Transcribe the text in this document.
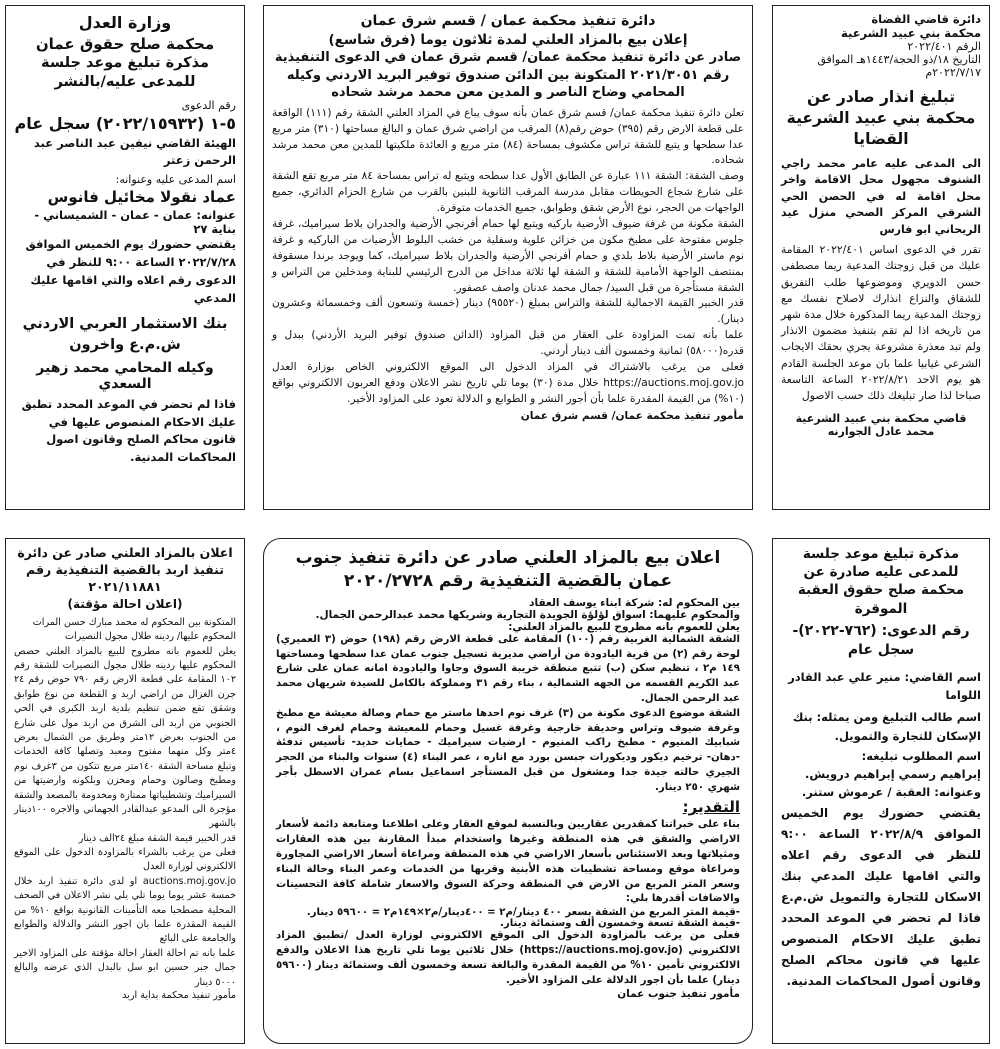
دائرة قاضي القضاة
محكمة بني عبيد الشرعية
الرقم ٢٠٢٢/٤٠١
التاريخ ١٨/ذو الحجة/١٤٤٣هـ الموافق ٢٠٢٢/٧/١٧م
تبليغ انذار صادر عن محكمة بني عبيد الشرعية القضايا
الى المدعى عليه عامر محمد راجي الشنوف مجهول محل الاقامة واخر محل اقامة له في الحصن الحي الشرقي المركز الصحي منزل عيد الريحاني ابو فارس
تقرر في الدعوى اساس ٢٠٢٢/٤٠١ المقامة عليك من قبل زوجتك المدعية ريما مصطفى حسن الدويري وموضوعها طلب التفريق للشقاق والنزاع انذارك لاصلاح نفسك مع زوجتك المدعية ريما المذكورة خلال مدة شهر من تاريخه اذا لم تقم بتنفيذ مضمون الانذار ولم تبد معذرة مشروعة يجري بحقك الايجاب الشرعي غيابيا علما بان موعد الجلسة القادم هو يوم الاحد ٢٠٢٢/٨/٢١ الساعة التاسعة صباحا لذا صار تبليغك ذلك حسب الاصول
قاضي محكمة بني عبيد الشرعية
محمد عادل الجوارنه
دائرة تنفيذ محكمة عمان / قسم شرق عمان
إعلان بيع بالمزاد العلني لمدة ثلاثون يوما (فرق شاسع)
صادر عن دائرة تنفيذ محكمة عمان/ قسم شرق عمان في الدعوى التنفيذية رقم ٢٠٢١/٣٠٥١ المتكونة بين الدائن صندوق توفير البريد الاردني وكيله المحامي وضاح الناصر و المدين معن محمد مرشد شحاده
تعلن دائرة تنفيذ محكمة عمان/ قسم شرق عمان بأنه سوف يباع في المزاد العلني الشقة رقم (١١١) الواقعة على قطعة الارض رقم (٣٩٥) حوض رقم(٨) المرقب من اراضي شرق عمان و البالغ مساحتها (٣١٠) متر مربع عدا سطحها و يتبع للشقة تراس مكشوف بمساحة (٨٤) متر مربع و العائدة ملكيتها للمدين معن محمد مرشد شحاده.
وصف الشقة: الشقة ١١١ عبارة عن الطابق الأول عدا سطحه ويتبع له تراس بمساحة ٨٤ متر مربع تقع الشقة على شارع شجاع الحويطات مقابل مدرسة المرقب الثانوية للبنين بالقرب من شارع الحزام الدائري، جميع الواجهات من الحجر، نوع الأرض شقق وطوابق، جميع الخدمات متوفرة.
الشقة مكونة من غرفة ضيوف الأرضية باركيه ويتبع لها حمام أفرنجي الأرضية والجدران بلاط سيراميك، غرفة جلوس مفتوحة على مطبخ مكون من خزائن علوية وسفلية من خشب البلوط الأرضيات من الباركيه و غرفة نوم ماستر الأرضية بلاط بلدي و حمام أفرنجي الأرضية والجدران بلاط سيراميك، كما ويوجد برندا مسقوفة بمنتصف الواجهة الأمامية للشقة و الشقة لها ثلاثة مداخل من الدرج الرئيسي للبناية ومدخلين من التراس و الشقة مستأجرة من قبل السيد/ جمال محمد عدنان واصف عصفور.
قدر الخبير القيمة الاجمالية للشقة والتراس بمبلغ (٩٥٥٢٠) دينار (خمسة وتسعون ألف وخمسمائة وعشرون دينار).
علما بأنه تمت المزاودة على العقار من قبل المزاود (الدائن صندوق توفير البريد الأردني) ببدل و قدره(٥٨٠٠٠) ثمانية وخمسون ألف دينار أردني.
فعلى من يرغب بالاشتراك في المزاد الدخول الى الموقع الالكتروني الخاص بوزارة العدل https://auctions.moj.gov.jo خلال مدة (٣٠) يوما تلي تاريخ نشر الاعلان ودفع العربون الالكتروني بواقع (١٠%) من القيمة المقدرة علما بأن أجور النشر و الطوابع و الدلالة تعود على المزاود الأخير.
مأمور تنفيذ محكمة عمان/ قسم شرق عمان
وزارة العدل
محكمة صلح حقوق عمان
مذكرة تبليغ موعد جلسة للمدعى عليه/بالنشر
رقم الدعوى
٥-١ (٢٠٢٢/١٥٩٣٢) سجل عام
الهيئة القاضي نيفين عبد الناصر عبد الرحمن زعتر
اسم المدعى عليه وعنوانه:
عماد نقولا مخائيل فانوس
عنوانه: عمان - عمان - الشميساني - بناية ٢٧
يقتضي حضورك يوم الخميس الموافق ٢٠٢٢/٧/٢٨ الساعة ٩:٠٠ للنظر في الدعوى رقم اعلاه والتي اقامها عليك المدعي
بنك الاستثمار العربي الاردني ش.م.ع واخرون
وكيله المحامي محمد زهير السعدي
فاذا لم تحضر في الموعد المحدد تطبق عليك الاحكام المنصوص عليها في قانون محاكم الصلح وقانون اصول المحاكمات المدنية.
مذكرة تبليغ موعد جلسة للمدعى عليه صادرة عن محكمة صلح حقوق العقبة الموقرة
رقم الدعوى: (٧٦٢-٢٠٢٢)-سجل عام
اسم القاضي: منير علي عبد القادر اللواما
اسم طالب التبليغ ومن يمثله: بنك الإسكان للتجارة والتمويل.
اسم المطلوب تبليغه:
إبراهيم رسمي إبراهيم درويش.
وعنوانه: العقبة / عرموش ستنر.
يقتضي حضورك يوم الخميس الموافق ٢٠٢٢/٨/٩ الساعة ٩:٠٠ للنظر في الدعوى رقم اعلاه والتي اقامها عليك المدعي بنك الاسكان للتجارة والتمويل ش.م.ع فاذا لم تحضر في الموعد المحدد تطبق عليك الاحكام المنصوص عليها في قانون محاكم الصلح وقانون أصول المحاكمات المدنية.
اعلان بيع بالمزاد العلني صادر عن دائرة تنفيذ جنوب عمان بالقضية التنفيذية رقم ٢٠٢٠/٢٧٢٨
بين المحكوم له: شركة ابناء يوسف العقاد
والمحكوم عليهما: اسواق لؤلؤة الجويدة التجارية وشريكها محمد عبدالرحمن الجمال.
يعلن للعموم بانه مطروح للبيع بالمزاد العلني:
الشقة الشمالية الغربية رقم (١٠٠) المقامة على قطعة الارض رقم (١٩٨) حوض (٣ العميري) لوحة رقم (٢) من قرية اليادودة من أراضي مديرية تسجيل جنوب عمان عدا سطحها ومساحتها ١٤٩ م٢ ، تنظيم سكن (ب) تتبع منطقة خريبة السوق وجاوا واليادودة امانه عمان على شارع عبد الكريم القسمه من الجهه الشمالية ، بناء رقم ٣١ ومملوكة بالكامل للسيدة شريهان محمد عبد الرحمن الجمال.
الشقة موضوع الدعوى مكونة من (٣) غرف نوم احدها ماستر مع حمام وصالة معيشة مع مطبخ وغرفة ضيوف وتراس وحديقة خارجية وغرفة غسيل وحمام للمعيشة وحمام لغرف النوم ، شبابيك المنيوم - مطبخ راكب المنيوم - ارضيات سيراميك - حمايات حديد- تأسيس تدفئة -دهان- ترخيم ديكور وديكورات جبسن بورد مع اناره ، عمر البناء (٤) سنوات والبناء من الحجر الجيري حالته جيدة جدا ومشغول من قبل المستأجر اسماعيل بسام عمران الاسطل بأجر شهري ٢٥٠ دينار.
التقدير:
بناء على خبراتنا كمقدرين عقاريين وبالنسبة لموقع العقار وعلى اطلاعنا ومتابعة دائمة لأسعار الاراضي والشقق في هذه المنطقة وغيرها واستخدام مبدأ المقارنة بين هذه العقارات ومثيلاتها وبعد الاستئناس بأسعار الاراضي في هذه المنطقة ومراعاة أسعار الاراضي المجاورة ومراعاة موقع ومساحة تشطيبات هذه الأبنية وقربها من الخدمات وعمر البناء وحالة البناء وسعر المتر المربع من الارض في المنطقة وحركة السوق والاسعار شاملة كافة التحسينات والاضافات أقدرها بلي:
-قيمة المتر المربع من الشقة بسعر ٤٠٠ دينار/م٢ = ٤٠٠دينار/م٢×١٤٩م٢ = ٥٩٦٠٠ دينار.
-قيمة الشقة تسعة وخمسون ألف وستمائة دينار.
فعلى من يرغب بالمزاودة الدخول الى الموقع الالكتروني لوزارة العدل /تطبيق المزاد الالكتروني (https://auctions.moj.gov.jo) خلال ثلاثين يوما تلي تاريخ هذا الاعلان والدفع الالكتروني تأمين ١٠% من القيمة المقدرة والبالغة تسعة وخمسون ألف وستمائة دينار (٥٩٦٠٠ دينار) علما بأن اجور الدلالة على المزاود الأخير.
مأمور تنفيذ جنوب عمان
اعلان بالمزاد العلني صادر عن دائرة تنفيذ اربد بالقضية التنفيذية رقم ٢٠٢١/١١٨٨١
(اعلان احالة مؤقتة)
المتكونة بين المحكوم له محمد مبارك حسن المرات
المحكوم عليها/ ردينه طلال مجول النصيرات
يعلن للعموم بانه مطروح للبيع بالمزاد العلني حصص المحكوم عليها ردينه طلال مجول النصيرات للشقة رقم ١٠٢ المقامة على قطعة الارض رقم ٧٩٠ حوض رقم ٢٤ جرن الغزال من اراضي اربد و القطعة من نوع طوابق وشقق تقع ضمن تنظيم بلدية اربد الكبرى في الحي الجنوبي من اربد الى الشرق من اربد مول على شارع من الجنوب بعرض ١٢متر وطريق من الشمال بعرض ٤متر وكل منهما مفتوح ومعبد وتصلها كافة الخدمات وتبلغ مساحة الشقة ١٤٠متر مربع تتكون من ٣غرف نوم ومطبخ وصالون وحمام ومخزن وبلكونه وارضيتها من السيراميك وتشطيباتها ممتازة ومخدومة بالمصعد والشقة مؤجرة الى المدعو عبدالقادر الجهماني والاجره ١٠٠دينار بالشهر
قدر الخبير قيمة الشقة مبلغ ٢٤الف دينار
فعلى من يرغب بالشراء بالمزاودة الدخول على الموقع الالكتروني لوزارة العدل
auctions.moj.gov.jo او لدى دائرة تنفيذ اربد خلال خمسة عشر يوما يوما تلي يلي نشر الاعلان في الصحف المحلية مصطحبا معه التأمينات القانونية بواقع ١٠% من القيمة المقدرة علما بان اجور النشر والدلالة والطوابع والجامعة على البائع
علما بانه تم احالة العقار احالة مؤقتة على المزاود الاخير جمال جبر حسين ابو سل بالبدل الذي عرضه والبالغ ٥٠٠٠ دينار
مأمور تنفيذ محكمة بداية اربد
